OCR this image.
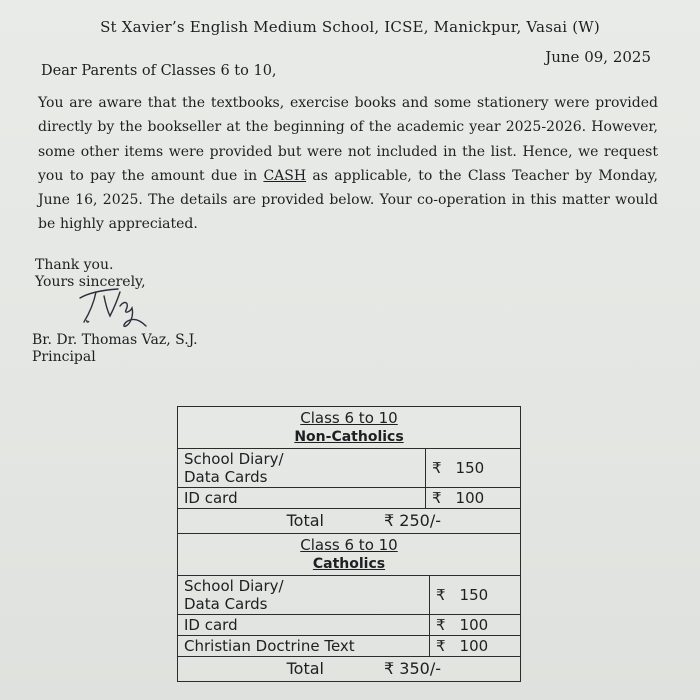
St Xavier’s English Medium School, ICSE, Manickpur, Vasai (W)
June 09, 2025
Dear Parents of Classes 6 to 10,
You are aware that the textbooks, exercise books and some stationery were provided directly by the bookseller at the beginning of the academic year 2025-2026. However, some other items were provided but were not included in the list. Hence, we request you to pay the amount due in CASH as applicable, to the Class Teacher by Monday, June 16, 2025. The details are provided below. Your co-operation in this matter would be highly appreciated.
Thank you.
Yours sincerely,
Br. Dr. Thomas Vaz, S.J.
Principal
Class 6 to 10
Non-Catholics
School Diary/
Data Cards	₹ 150
ID card	₹ 100
Total	₹ 250/-
Class 6 to 10
Catholics
School Diary/
Data Cards	₹ 150
ID card	₹ 100
Christian Doctrine Text	₹ 100
Total	₹ 350/-
